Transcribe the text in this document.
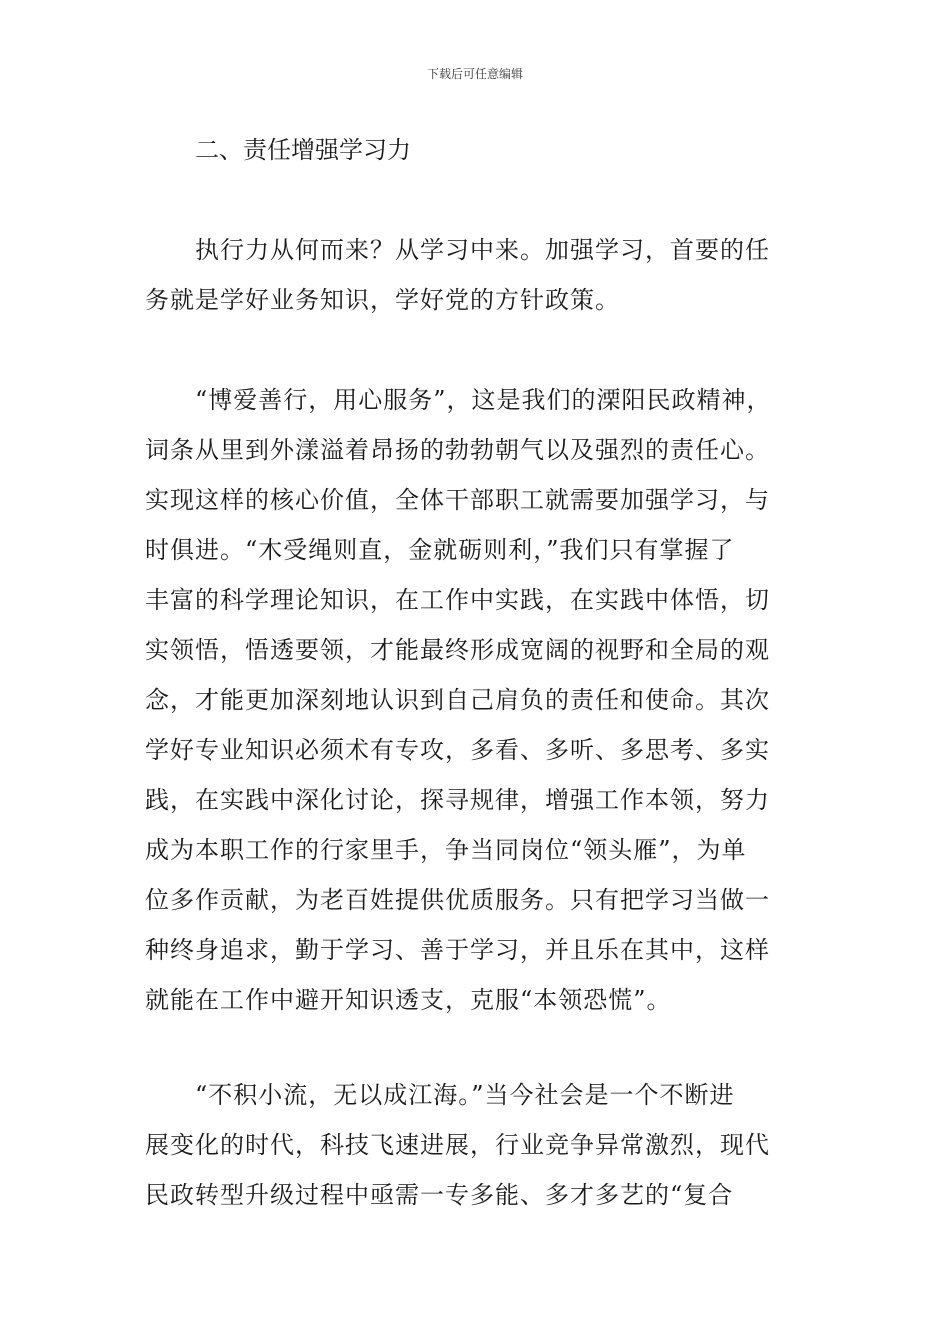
下载后可任意编辑
二、责任增强学习力
执行力从何而来？从学习中来。加强学习，首要的任
务就是学好业务知识，学好党的方针政策。
“博爱善行，用心服务”，这是我们的溧阳民政精神，
词条从里到外漾溢着昂扬的勃勃朝气以及强烈的责任心。
实现这样的核心价值，全体干部职工就需要加强学习，与
时俱进。“木受绳则直，金就砺则利，”我们只有掌握了
丰富的科学理论知识，在工作中实践，在实践中体悟，切
实领悟，悟透要领，才能最终形成宽阔的视野和全局的观
念，才能更加深刻地认识到自己肩负的责任和使命。其次
学好专业知识必须术有专攻，多看、多听、多思考、多实
践，在实践中深化讨论，探寻规律，增强工作本领，努力
成为本职工作的行家里手，争当同岗位“领头雁”，为单
位多作贡献，为老百姓提供优质服务。只有把学习当做一
种终身追求，勤于学习、善于学习，并且乐在其中，这样
就能在工作中避开知识透支，克服“本领恐慌”。
“不积小流，无以成江海。”当今社会是一个不断进
展变化的时代，科技飞速进展，行业竞争异常激烈，现代
民政转型升级过程中亟需一专多能、多才多艺的“复合
